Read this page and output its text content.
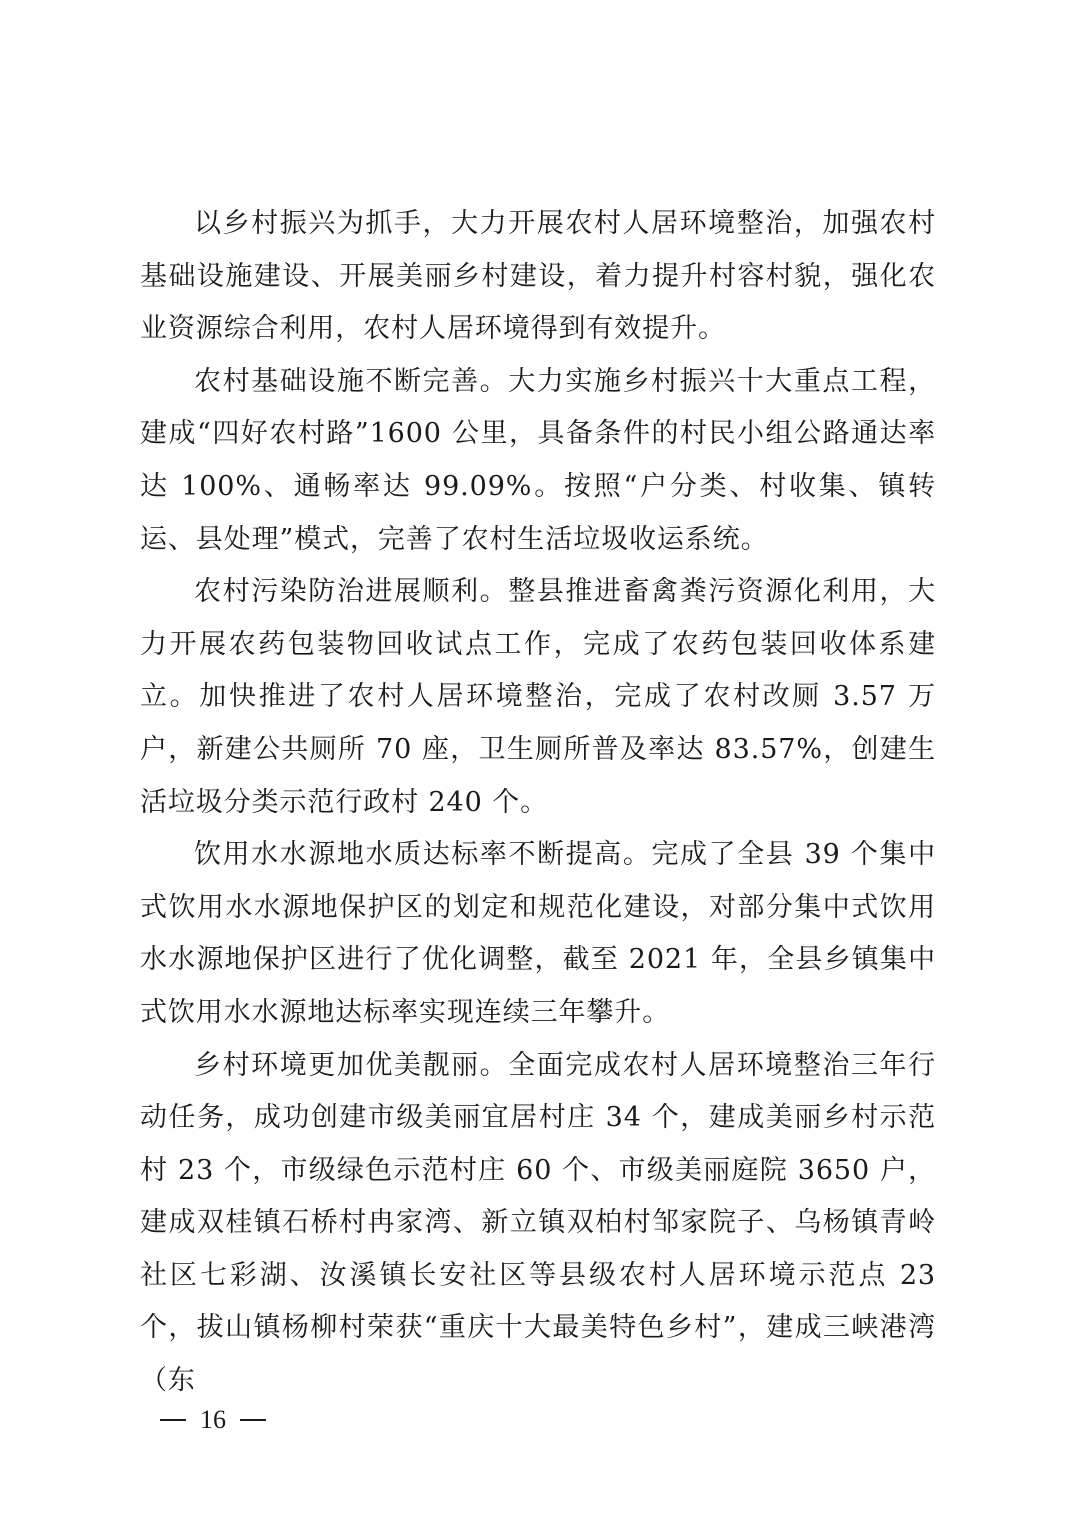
以乡村振兴为抓手，大力开展农村人居环境整治，加强农村基础设施建设、开展美丽乡村建设，着力提升村容村貌，强化农业资源综合利用，农村人居环境得到有效提升。

农村基础设施不断完善。大力实施乡村振兴十大重点工程，建成“四好农村路”1600 公里，具备条件的村民小组公路通达率达 100%、通畅率达 99.09%。按照“户分类、村收集、镇转运、县处理”模式，完善了农村生活垃圾收运系统。

农村污染防治进展顺利。整县推进畜禽粪污资源化利用，大力开展农药包装物回收试点工作，完成了农药包装回收体系建立。加快推进了农村人居环境整治，完成了农村改厕 3.57 万户，新建公共厕所 70 座，卫生厕所普及率达 83.57%，创建生活垃圾分类示范行政村 240 个。

饮用水水源地水质达标率不断提高。完成了全县 39 个集中式饮用水水源地保护区的划定和规范化建设，对部分集中式饮用水水源地保护区进行了优化调整，截至 2021 年，全县乡镇集中式饮用水水源地达标率实现连续三年攀升。

乡村环境更加优美靓丽。全面完成农村人居环境整治三年行动任务，成功创建市级美丽宜居村庄 34 个，建成美丽乡村示范村 23 个，市级绿色示范村庄 60 个、市级美丽庭院 3650 户，建成双桂镇石桥村冉家湾、新立镇双柏村邹家院子、乌杨镇青岭社区七彩湖、汝溪镇长安社区等县级农村人居环境示范点 23 个，拔山镇杨柳村荣获“重庆十大最美特色乡村”，建成三峡港湾（东

16
